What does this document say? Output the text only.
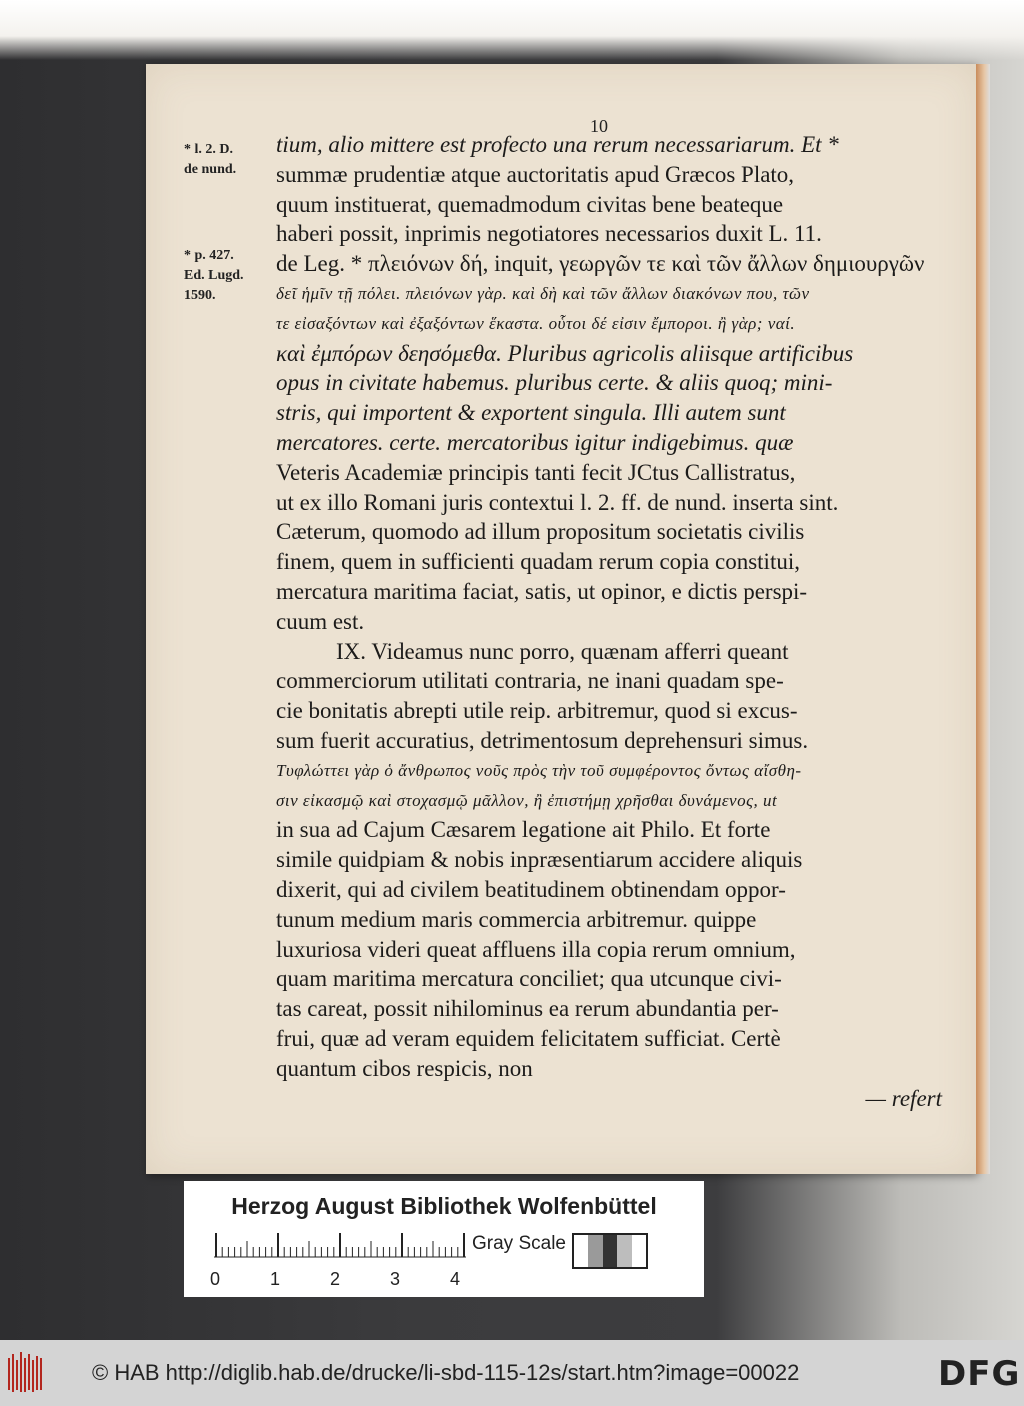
10
* l. 2. D.
de nund.
* p. 427.
Ed. Lugd.
1590.
tium, alio mittere est profecto una rerum necessariarum. Et *
summæ prudentiæ atque auctoritatis apud Græcos Plato,
quum instituerat, quemadmodum civitas bene beateque
haberi possit, inprimis negotiatores necessarios duxit L. 11.
de Leg. * πλειόνων δή, inquit, γεωργῶν τε καὶ τῶν ἄλλων δημιουργῶν
δεῖ ἡμῖν τῇ πόλει. πλειόνων γὰρ. καὶ δὴ καὶ τῶν ἄλλων διακόνων που, τῶν
τε εἰσαξόντων καὶ ἐξαξόντων ἕκαστα. οὗτοι δέ εἰσιν ἔμποροι. ἢ γὰρ; ναί.
καὶ ἐμπόρων δεησόμεθα. Pluribus agricolis aliisque artificibus
opus in civitate habemus. pluribus certe. & aliis quoq; mini-
stris, qui importent & exportent singula. Illi autem sunt
mercatores. certe. mercatoribus igitur indigebimus. quæ
Veteris Academiæ principis tanti fecit JCtus Callistratus,
ut ex illo Romani juris contextui l. 2. ff. de nund. inserta sint.
Cæterum, quomodo ad illum propositum societatis civilis
finem, quem in sufficienti quadam rerum copia constitui,
mercatura maritima faciat, satis, ut opinor, e dictis perspi-
cuum est.
IX. Videamus nunc porro, quænam afferri queant
commerciorum utilitati contraria, ne inani quadam spe-
cie bonitatis abrepti utile reip. arbitremur, quod si excus-
sum fuerit accuratius, detrimentosum deprehensuri simus.
Τυφλώττει γὰρ ὁ ἄνθρωπος νοῦς πρὸς τὴν τοῦ συμφέροντος ὄντως αἴσθη-
σιν εἰκασμῷ καὶ στοχασμῷ μᾶλλον, ἢ ἐπιστήμῃ χρῆσθαι δυνάμενος, ut
in sua ad Cajum Cæsarem legatione ait Philo. Et forte
simile quidpiam & nobis inpræsentiarum accidere aliquis
dixerit, qui ad civilem beatitudinem obtinendam oppor-
tunum medium maris commercia arbitremur. quippe
luxuriosa videri queat affluens illa copia rerum omnium,
quam maritima mercatura conciliet; qua utcunque civi-
tas careat, possit nihilominus ea rerum abundantia per-
frui, quæ ad veram equidem felicitatem sufficiat. Certè
quantum cibos respicis, non
— refert
Herzog August Bibliothek Wolfenbüttel
0	1	2	3	4
Gray Scale
© HAB http://diglib.hab.de/drucke/li-sbd-115-12s/start.htm?image=00022	DFG
